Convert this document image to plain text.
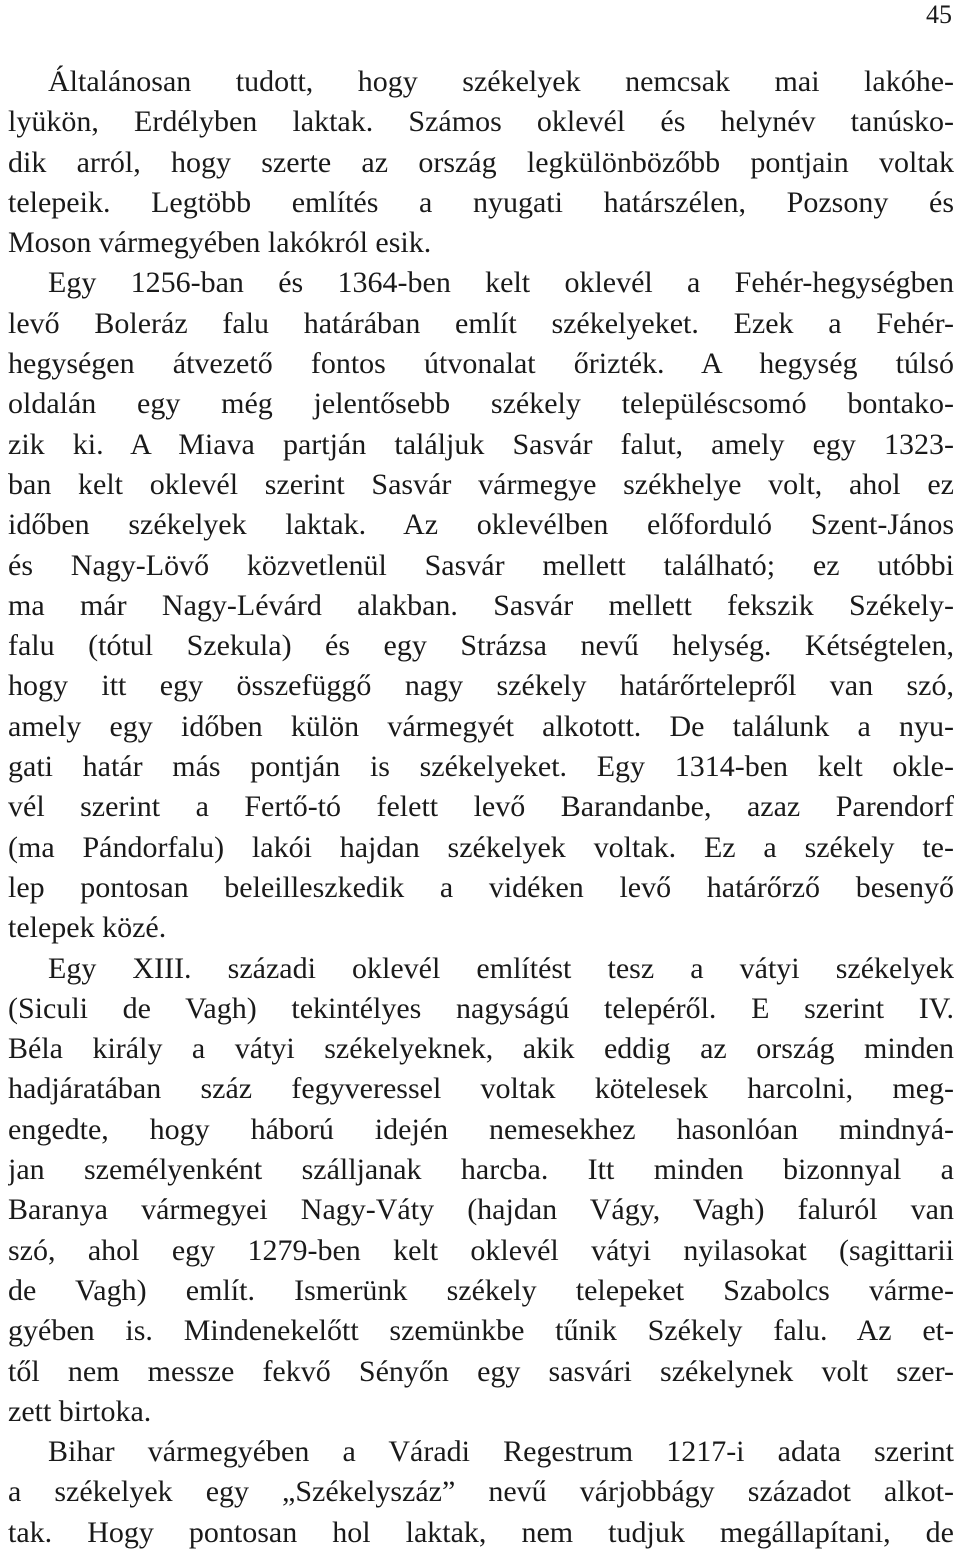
45
Általánosan tudott, hogy székelyek nemcsak mai lakóhe-
lyükön, Erdélyben laktak. Számos oklevél és helynév tanúsko-
dik arról, hogy szerte az ország legkülönbözőbb pontjain voltak
telepeik. Legtöbb említés a nyugati határszélen, Pozsony és
Moson vármegyében lakókról esik.
Egy 1256-ban és 1364-ben kelt oklevél a Fehér-hegységben
levő Boleráz falu határában említ székelyeket. Ezek a Fehér-
hegységen átvezető fontos útvonalat őrizték. A hegység túlsó
oldalán egy még jelentősebb székely településcsomó bontako-
zik ki. A Miava partján találjuk Sasvár falut, amely egy 1323-
ban kelt oklevél szerint Sasvár vármegye székhelye volt, ahol ez
időben székelyek laktak. Az oklevélben előforduló Szent-János
és Nagy-Lövő közvetlenül Sasvár mellett található; ez utóbbi
ma már Nagy-Lévárd alakban. Sasvár mellett fekszik Székely-
falu (tótul Szekula) és egy Strázsa nevű helység. Kétségtelen,
hogy itt egy összefüggő nagy székely határőrtelepről van szó,
amely egy időben külön vármegyét alkotott. De találunk a nyu-
gati határ más pontján is székelyeket. Egy 1314-ben kelt okle-
vél szerint a Fertő-tó felett levő Barandanbe, azaz Parendorf
(ma Pándorfalu) lakói hajdan székelyek voltak. Ez a székely te-
lep pontosan beleilleszkedik a vidéken levő határőrző besenyő
telepek közé.
Egy XIII. századi oklevél említést tesz a vátyi székelyek
(Siculi de Vagh) tekintélyes nagyságú telepéről. E szerint IV.
Béla király a vátyi székelyeknek, akik eddig az ország minden
hadjáratában száz fegyveressel voltak kötelesek harcolni, meg-
engedte, hogy háború idején nemesekhez hasonlóan mindnyá-
jan személyenként szálljanak harcba. Itt minden bizonnyal a
Baranya vármegyei Nagy-Váty (hajdan Vágy, Vagh) faluról van
szó, ahol egy 1279-ben kelt oklevél vátyi nyilasokat (sagittarii
de Vagh) említ. Ismerünk székely telepeket Szabolcs várme-
gyében is. Mindenekelőtt szemünkbe tűnik Székely falu. Az et-
től nem messze fekvő Sényőn egy sasvári székelynek volt szer-
zett birtoka.
Bihar vármegyében a Váradi Regestrum 1217-i adata szerint
a székelyek egy „Székelyszáz” nevű várjobbágy századot alkot-
tak. Hogy pontosan hol laktak, nem tudjuk megállapítani, de
